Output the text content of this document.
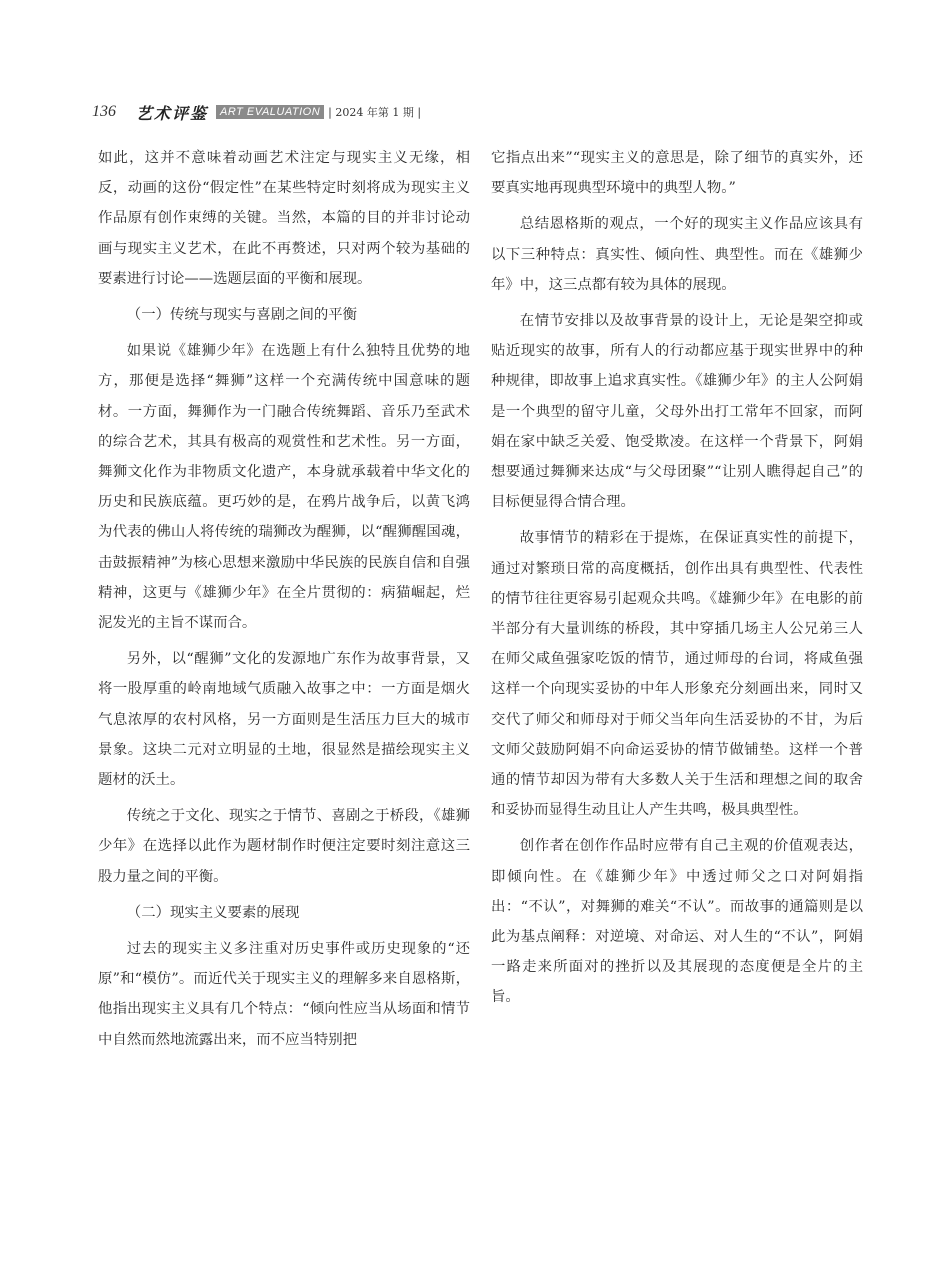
136 艺术评鉴	ART EVALUATION | 2024 年第 1 期 |

如此，这并不意味着动画艺术注定与现实主义无缘，相反，动画的这份“假定性”在某些特定时刻将成为现实主义作品原有创作束缚的关键。当然，本篇的目的并非讨论动画与现实主义艺术，在此不再赘述，只对两个较为基础的要素进行讨论——选题层面的平衡和展现。

（一）传统与现实与喜剧之间的平衡

如果说《雄狮少年》在选题上有什么独特且优势的地方，那便是选择“舞狮”这样一个充满传统中国意味的题材。一方面，舞狮作为一门融合传统舞蹈、音乐乃至武术的综合艺术，其具有极高的观赏性和艺术性。另一方面，舞狮文化作为非物质文化遗产，本身就承载着中华文化的历史和民族底蕴。更巧妙的是，在鸦片战争后，以黄飞鸿为代表的佛山人将传统的瑞狮改为醒狮，以“醒狮醒国魂，击鼓振精神”为核心思想来激励中华民族的民族自信和自强精神，这更与《雄狮少年》在全片贯彻的：病猫崛起，烂泥发光的主旨不谋而合。

另外，以“醒狮”文化的发源地广东作为故事背景，又将一股厚重的岭南地域气质融入故事之中：一方面是烟火气息浓厚的农村风格，另一方面则是生活压力巨大的城市景象。这块二元对立明显的土地，很显然是描绘现实主义题材的沃土。

传统之于文化、现实之于情节、喜剧之于桥段，《雄狮少年》在选择以此作为题材制作时便注定要时刻注意这三股力量之间的平衡。

（二）现实主义要素的展现

过去的现实主义多注重对历史事件或历史现象的“还原”和“模仿”。而近代关于现实主义的理解多来自恩格斯，他指出现实主义具有几个特点：“倾向性应当从场面和情节中自然而然地流露出来，而不应当特别把

它指点出来”“现实主义的意思是，除了细节的真实外，还要真实地再现典型环境中的典型人物。”

总结恩格斯的观点，一个好的现实主义作品应该具有以下三种特点：真实性、倾向性、典型性。而在《雄狮少年》中，这三点都有较为具体的展现。

在情节安排以及故事背景的设计上，无论是架空抑或贴近现实的故事，所有人的行动都应基于现实世界中的种种规律，即故事上追求真实性。《雄狮少年》的主人公阿娟是一个典型的留守儿童，父母外出打工常年不回家，而阿娟在家中缺乏关爱、饱受欺凌。在这样一个背景下，阿娟想要通过舞狮来达成“与父母团聚”“让别人瞧得起自己”的目标便显得合情合理。

故事情节的精彩在于提炼，在保证真实性的前提下，通过对繁琐日常的高度概括，创作出具有典型性、代表性的情节往往更容易引起观众共鸣。《雄狮少年》在电影的前半部分有大量训练的桥段，其中穿插几场主人公兄弟三人在师父咸鱼强家吃饭的情节，通过师母的台词，将咸鱼强这样一个向现实妥协的中年人形象充分刻画出来，同时又交代了师父和师母对于师父当年向生活妥协的不甘，为后文师父鼓励阿娟不向命运妥协的情节做铺垫。这样一个普通的情节却因为带有大多数人关于生活和理想之间的取舍和妥协而显得生动且让人产生共鸣，极具典型性。

创作者在创作作品时应带有自己主观的价值观表达，即倾向性。在《雄狮少年》中透过师父之口对阿娟指出：“不认”，对舞狮的难关“不认”。而故事的通篇则是以此为基点阐释：对逆境、对命运、对人生的“不认”，阿娟一路走来所面对的挫折以及其展现的态度便是全片的主旨。
